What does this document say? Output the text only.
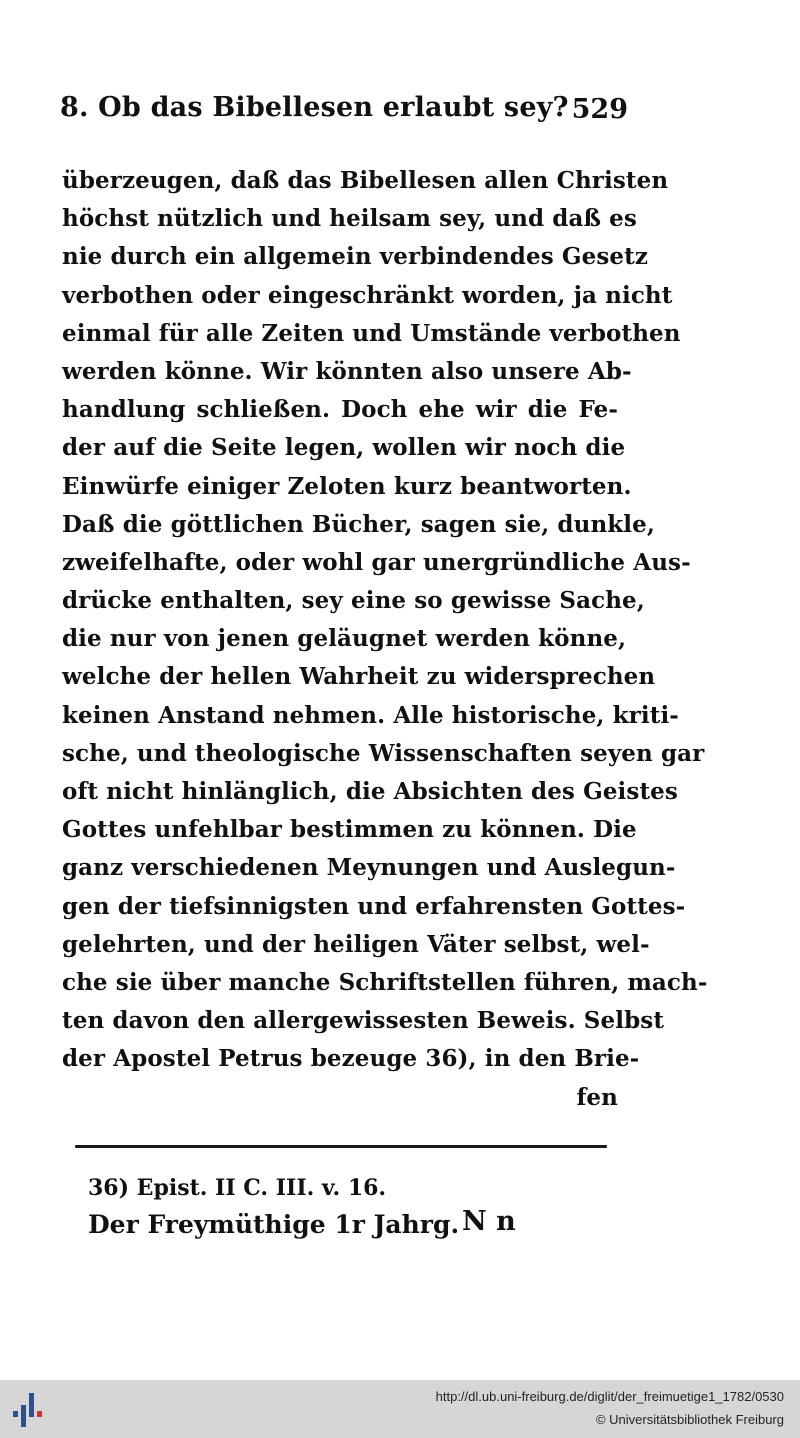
8. Ob das Bibellesen erlaubt sey? 529
überzeugen, daß das Bibellesen allen Christen
höchst nützlich und heilsam sey, und daß es
nie durch ein allgemein verbindendes Gesetz
verbothen oder eingeschränkt worden, ja nicht
einmal für alle Zeiten und Umstände verbothen
werden könne. Wir könnten also unsere Ab-
handlung schließen. Doch ehe wir die Fe-
der auf die Seite legen, wollen wir noch die
Einwürfe einiger Zeloten kurz beantworten.
Daß die göttlichen Bücher, sagen sie, dunkle,
zweifelhafte, oder wohl gar unergründliche Aus-
drücke enthalten, sey eine so gewisse Sache,
die nur von jenen geläugnet werden könne,
welche der hellen Wahrheit zu widersprechen
keinen Anstand nehmen. Alle historische, kriti-
sche, und theologische Wissenschaften seyen gar
oft nicht hinlänglich, die Absichten des Geistes
Gottes unfehlbar bestimmen zu können. Die
ganz verschiedenen Meynungen und Auslegun-
gen der tiefsinnigsten und erfahrensten Gottes-
gelehrten, und der heiligen Väter selbst, wel-
che sie über manche Schriftstellen führen, mach-
ten davon den allergewissesten Beweis. Selbst
der Apostel Petrus bezeuge 36), in den Brie-
fen
36) Epist. II C. III. v. 16.
Der Freymüthige 1r Jahrg. N n
http://dl.ub.uni-freiburg.de/diglit/der_freimuetige1_1782/0530
© Universitätsbibliothek Freiburg
